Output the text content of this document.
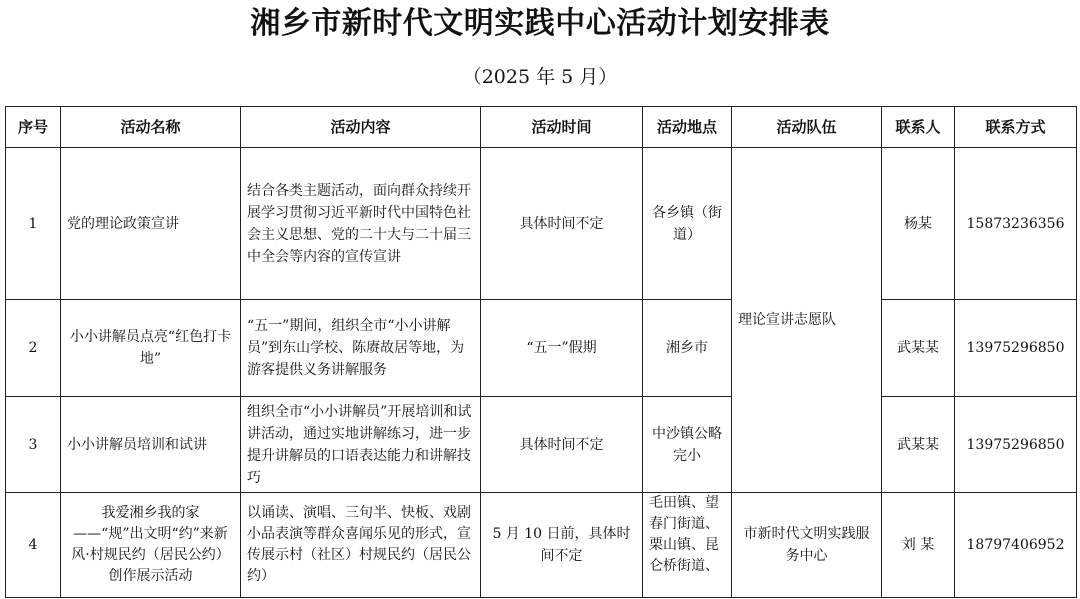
湘乡市新时代文明实践中心活动计划安排表
（2025 年 5 月）
序号	活动名称	活动内容	活动时间	活动地点	活动队伍	联系人	联系方式
1	党的理论政策宣讲	结合各类主题活动，面向群众持续开展学习贯彻习近平新时代中国特色社会主义思想、党的二十大与二十届三中全会等内容的宣传宣讲	具体时间不定	各乡镇（街道）	理论宣讲志愿队	杨某	15873236356
2	小小讲解员点亮“红色打卡地”	“五一”期间，组织全市“小小讲解员”到东山学校、陈赓故居等地，为游客提供义务讲解服务	“五一”假期	湘乡市		武某某	13975296850
3	小小讲解员培训和试讲	组织全市“小小讲解员”开展培训和试讲活动，通过实地讲解练习，进一步提升讲解员的口语表达能力和讲解技巧	具体时间不定	中沙镇公略完小		武某某	13975296850
4	我爱湘乡我的家——“规”出文明“约”来新风·村规民约（居民公约）创作展示活动	以诵读、演唱、三句半、快板、戏剧小品表演等群众喜闻乐见的形式，宣传展示村（社区）村规民约（居民公约）	5 月 10 日前，具体时间不定	毛田镇、望春门街道、栗山镇、昆仑桥街道、	市新时代文明实践服务中心	刘 某	18797406952
